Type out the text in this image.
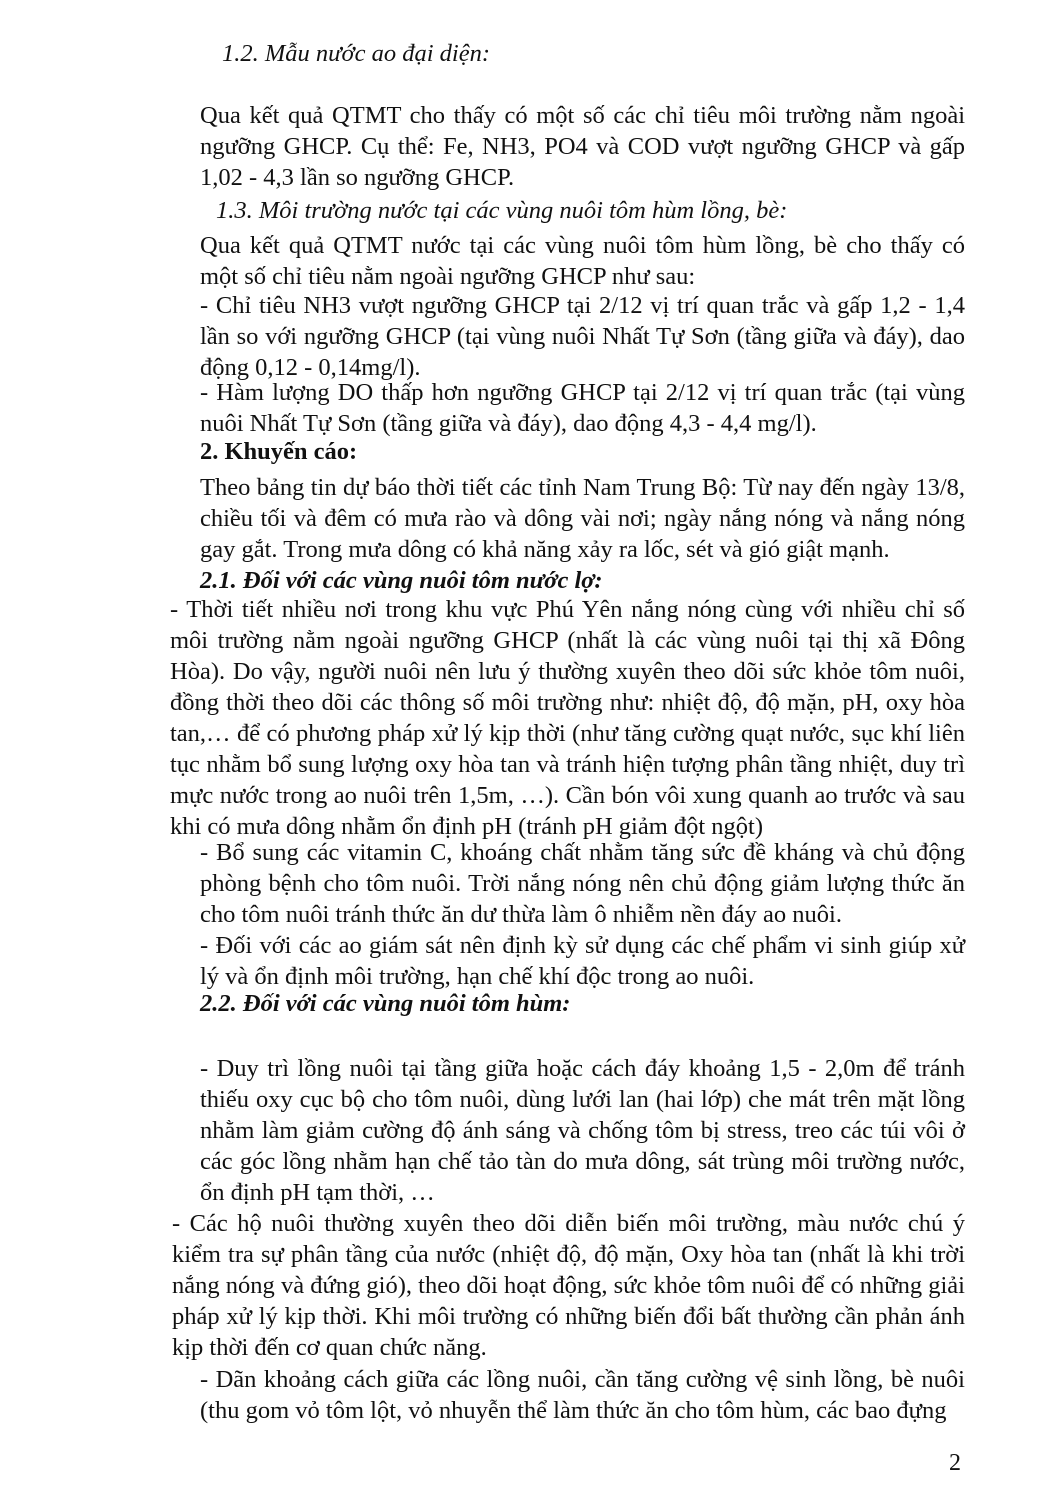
1.2. Mẫu nước ao đại diện:

Qua kết quả QTMT cho thấy có một số các chỉ tiêu môi trường nằm ngoài ngưỡng GHCP. Cụ thể: Fe, NH3, PO4 và COD vượt ngưỡng GHCP và gấp 1,02 - 4,3 lần so ngưỡng GHCP.

1.3. Môi trường nước tại các vùng nuôi tôm hùm lồng, bè:

Qua kết quả QTMT nước tại các vùng nuôi tôm hùm lồng, bè cho thấy có một số chỉ tiêu nằm ngoài ngưỡng GHCP như sau:

- Chỉ tiêu NH3 vượt ngưỡng GHCP tại 2/12 vị trí quan trắc và gấp 1,2 - 1,4 lần so với ngưỡng GHCP (tại vùng nuôi Nhất Tự Sơn (tầng giữa và đáy), dao động 0,12 - 0,14mg/l).

- Hàm lượng DO thấp hơn ngưỡng GHCP tại 2/12 vị trí quan trắc (tại vùng nuôi Nhất Tự Sơn (tầng giữa và đáy), dao động 4,3 - 4,4 mg/l).

2. Khuyến cáo:

Theo bảng tin dự báo thời tiết các tỉnh Nam Trung Bộ: Từ nay đến ngày 13/8, chiều tối và đêm có mưa rào và dông vài nơi; ngày nắng nóng và nắng nóng gay gắt. Trong mưa dông có khả năng xảy ra lốc, sét và gió giật mạnh.

2.1. Đối với các vùng nuôi tôm nước lợ:

- Thời tiết nhiều nơi trong khu vực Phú Yên nắng nóng cùng với nhiều chỉ số môi trường nằm ngoài ngưỡng GHCP (nhất là các vùng nuôi tại thị xã Đông Hòa). Do vậy, người nuôi nên lưu ý thường xuyên theo dõi sức khỏe tôm nuôi, đồng thời theo dõi các thông số môi trường như: nhiệt độ, độ mặn, pH, oxy hòa tan,… để có phương pháp xử lý kịp thời (như tăng cường quạt nước, sục khí liên tục nhằm bổ sung lượng oxy hòa tan và tránh hiện tượng phân tầng nhiệt, duy trì mực nước trong ao nuôi trên 1,5m, …). Cần bón vôi xung quanh ao trước và sau khi có mưa dông nhằm ổn định pH (tránh pH giảm đột ngột)

- Bổ sung các vitamin C, khoáng chất nhằm tăng sức đề kháng và chủ động phòng bệnh cho tôm nuôi. Trời nắng nóng nên chủ động giảm lượng thức ăn cho tôm nuôi tránh thức ăn dư thừa làm ô nhiễm nền đáy ao nuôi.

- Đối với các ao giám sát nên định kỳ sử dụng các chế phẩm vi sinh giúp xử lý và ổn định môi trường, hạn chế khí độc trong ao nuôi.

2.2. Đối với các vùng nuôi tôm hùm:

- Duy trì lồng nuôi tại tầng giữa hoặc cách đáy khoảng 1,5 - 2,0m để tránh thiếu oxy cục bộ cho tôm nuôi, dùng lưới lan (hai lớp) che mát trên mặt lồng nhằm làm giảm cường độ ánh sáng và chống tôm bị stress, treo các túi vôi ở các góc lồng nhằm hạn chế tảo tàn do mưa dông, sát trùng môi trường nước, ổn định pH tạm thời, …

- Các hộ nuôi thường xuyên theo dõi diễn biến môi trường, màu nước chú ý kiểm tra sự phân tầng của nước (nhiệt độ, độ mặn, Oxy hòa tan (nhất là khi trời nắng nóng và đứng gió), theo dõi hoạt động, sức khỏe tôm nuôi để có những giải pháp xử lý kịp thời. Khi môi trường có những biến đổi bất thường cần phản ánh kịp thời đến cơ quan chức năng.

- Dãn khoảng cách giữa các lồng nuôi, cần tăng cường vệ sinh lồng, bè nuôi (thu gom vỏ tôm lột, vỏ nhuyễn thể làm thức ăn cho tôm hùm, các bao đựng

2
